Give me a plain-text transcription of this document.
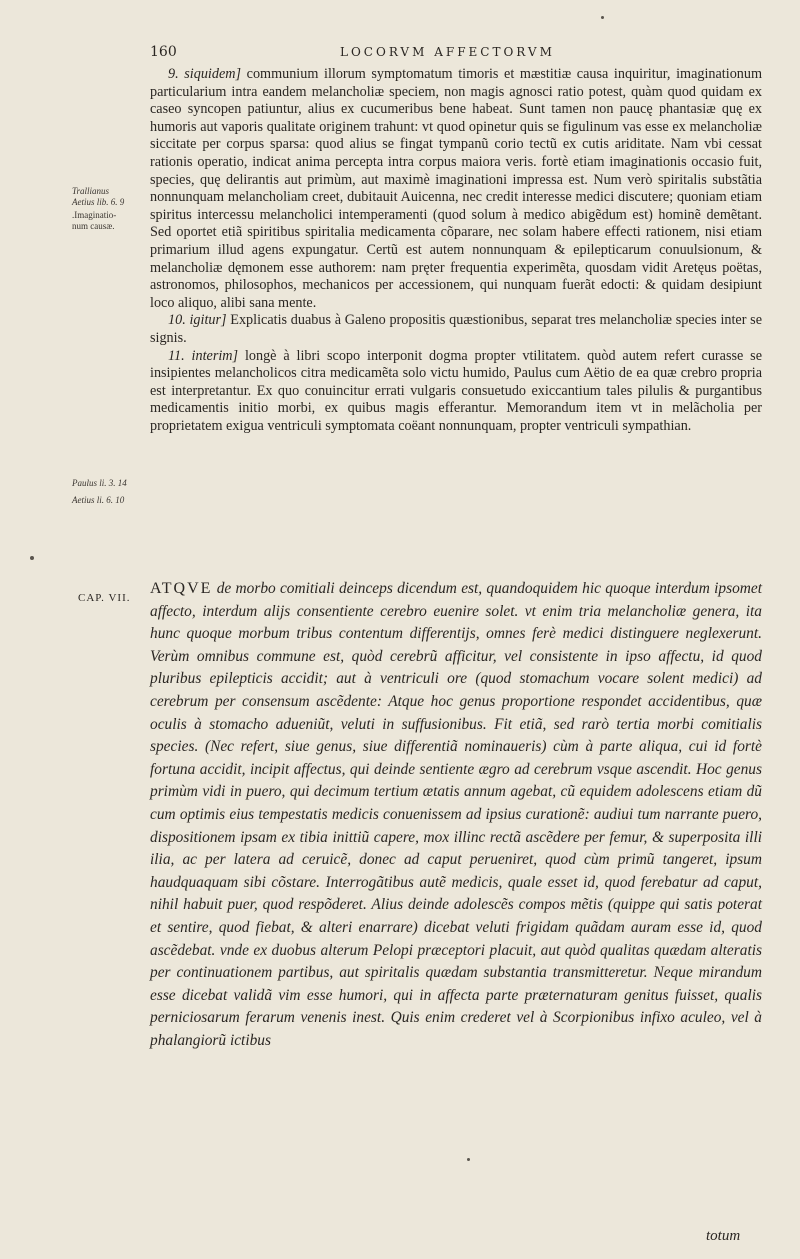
160	LOCORVM AFFECTORVM
Trallianus
Aetius lib. 6. 9
.Imaginatio-
num causæ.
Paulus li. 3. 14
Aetius li. 6. 10

9. siquidem] communium illorum symptomatum timoris et mæstitiæ causa inquiritur, imaginationum particularium intra eandem melancholiæ speciem, non magis agnosci ratio potest, quàm quod quidam ex caseo syncopen patiuntur, alius ex cucumeribus bene habeat. Sunt tamen non paucę phantasiæ quę ex humoris aut vaporis qualitate originem trahunt: vt quod opinetur quis se figulinum vas esse ex melancholiæ siccitate per corpus sparsa: quod alius se fingat tympanũ corio tectũ ex cutis ariditate. Nam vbi cessat rationis operatio, indicat anima percepta intra corpus maiora veris. fortè etiam imaginationis occasio fuit, species, quę delirantis aut primùm, aut maximè imaginationi impressa est. Num verò spiritalis substãtia nonnunquam melancholiam creet, dubitauit Auicenna, nec credit interesse medici discutere; quoniam etiam spiritus intercessu melancholici intemperamenti (quod solum à medico abigẽdum est) hominẽ demẽtant. Sed oportet etiã spiritibus spiritalia medicamenta cõparare, nec solam habere effecti rationem, nisi etiam primarium illud agens expungatur. Certũ est autem nonnunquam & epilepticarum conuulsionum, & melancholiæ dęmonem esse authorem: nam pręter frequentia experimẽta, quosdam vidit Aretęus poëtas, astronomos, philosophos, mechanicos per accessionem, qui nunquam fuerãt edocti: & quidam desipiunt loco aliquo, alibi sana mente.

10. igitur] Explicatis duabus à Galeno propositis quæstionibus, separat tres melancholiæ species inter se signis.

11. interim] longè à libri scopo interponit dogma propter vtilitatem. quòd autem refert curasse se insipientes melancholicos citra medicamẽta solo victu humido, Paulus cum Aëtio de ea quæ crebro propria est interpretantur. Ex quo conuincitur errati vulgaris consuetudo exiccantium tales pilulis & purgantibus medicamentis initio morbi, ex quibus magis efferantur. Memorandum item vt in melãcholia per proprietatem exigua ventriculi symptomata coëant nonnunquam, propter ventriculi sympathian.

CAP. VII.
ATQVE de morbo comitiali deinceps dicendum est, quandoquidem hic quoque interdum ipsomet affecto, interdum alijs consentiente cerebro euenire solet. vt enim tria melancholiæ genera, ita hunc quoque morbum tribus contentum differentijs, omnes ferè medici distinguere neglexerunt. Verùm omnibus commune est, quòd cerebrũ afficitur, vel consistente in ipso affectu, id quod pluribus epilepticis accidit; aut à ventriculi ore (quod stomachum vocare solent medici) ad cerebrum per consensum ascẽdente: Atque hoc genus proportione respondet accidentibus, quæ oculis à stomacho adueniũt, veluti in suffusionibus. Fit etiã, sed rarò tertia morbi comitialis species. (Nec refert, siue genus, siue differentiã nominaueris) cùm à parte aliqua, cui id fortè fortuna accidit, incipit affectus, qui deinde sentiente ægro ad cerebrum vsque ascendit. Hoc genus primùm vidi in puero, qui decimum tertium ætatis annum agebat, cũ equidem adolescens etiam dũ cum optimis eius tempestatis medicis conuenissem ad ipsius curationẽ: audiui tum narrante puero, dispositionem ipsam ex tibia inittiũ capere, mox illinc rectã ascẽdere per femur, & superposita illi ilia, ac per latera ad ceruicẽ, donec ad caput perueniret, quod cùm primũ tangeret, ipsum haudquaquam sibi cõstare. Interrogãtibus autẽ medicis, quale esset id, quod ferebatur ad caput, nihil habuit puer, quod respõderet. Alius deinde adolescẽs compos mẽtis (quippe qui satis poterat et sentire, quod fiebat, & alteri enarrare) dicebat veluti frigidam quãdam auram esse id, quod ascẽdebat. vnde ex duobus alterum Pelopi præceptori placuit, aut quòd qualitas quædam alteratis per continuationem partibus, aut spiritalis quædam substantia transmitteretur. Neque mirandum esse dicebat validã vim esse humori, qui in affecta parte præternaturam genitus fuisset, qualis perniciosarum ferarum venenis inest. Quis enim crederet vel à Scorpionibus infixo aculeo, vel à phalangiorũ ictibus
totum
